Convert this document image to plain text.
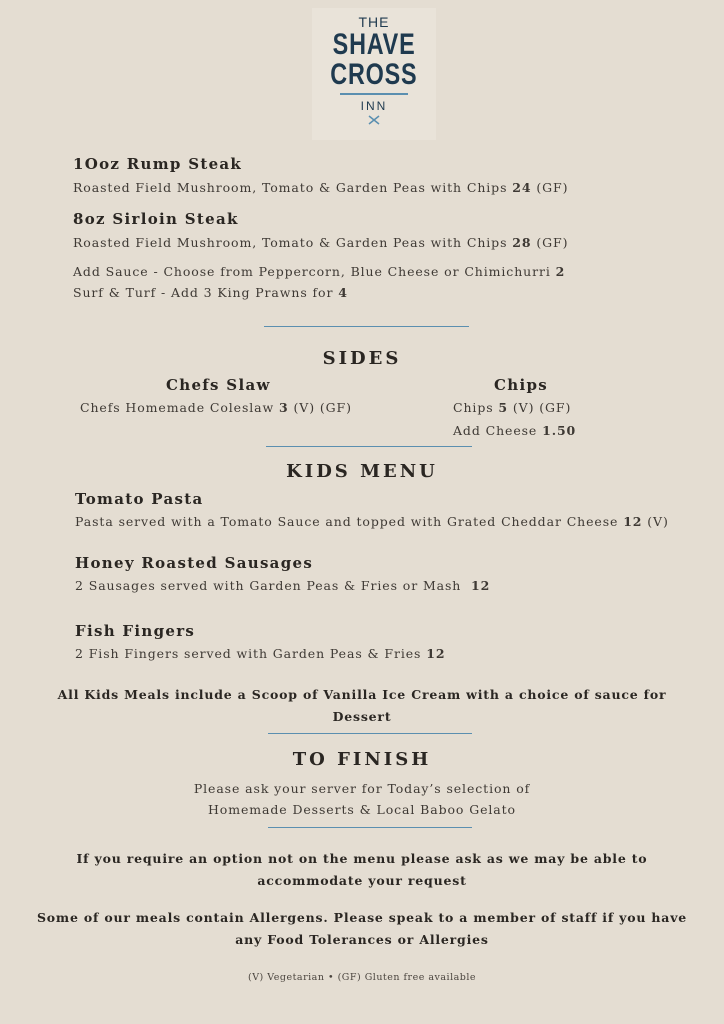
THE
SHAVE
CROSS
INN
1Ooz Rump Steak
Roasted Field Mushroom, Tomato & Garden Peas with Chips 24 (GF)
8oz Sirloin Steak
Roasted Field Mushroom, Tomato & Garden Peas with Chips 28 (GF)
Add Sauce - Choose from Peppercorn, Blue Cheese or Chimichurri 2
Surf & Turf - Add 3 King Prawns for 4
SIDES
Chefs Slaw
Chefs Homemade Coleslaw 3 (V) (GF)
Chips
Chips 5 (V) (GF)
Add Cheese 1.50
KIDS MENU
Tomato Pasta
Pasta served with a Tomato Sauce and topped with Grated Cheddar Cheese 12 (V)
Honey Roasted Sausages
2 Sausages served with Garden Peas & Fries or Mash 12
Fish Fingers
2 Fish Fingers served with Garden Peas & Fries 12
All Kids Meals include a Scoop of Vanilla Ice Cream with a choice of sauce for
Dessert
TO FINISH
Please ask your server for Today’s selection of
Homemade Desserts & Local Baboo Gelato
If you require an option not on the menu please ask as we may be able to
accommodate your request
Some of our meals contain Allergens. Please speak to a member of staff if you have
any Food Tolerances or Allergies
(V) Vegetarian • (GF) Gluten free available
